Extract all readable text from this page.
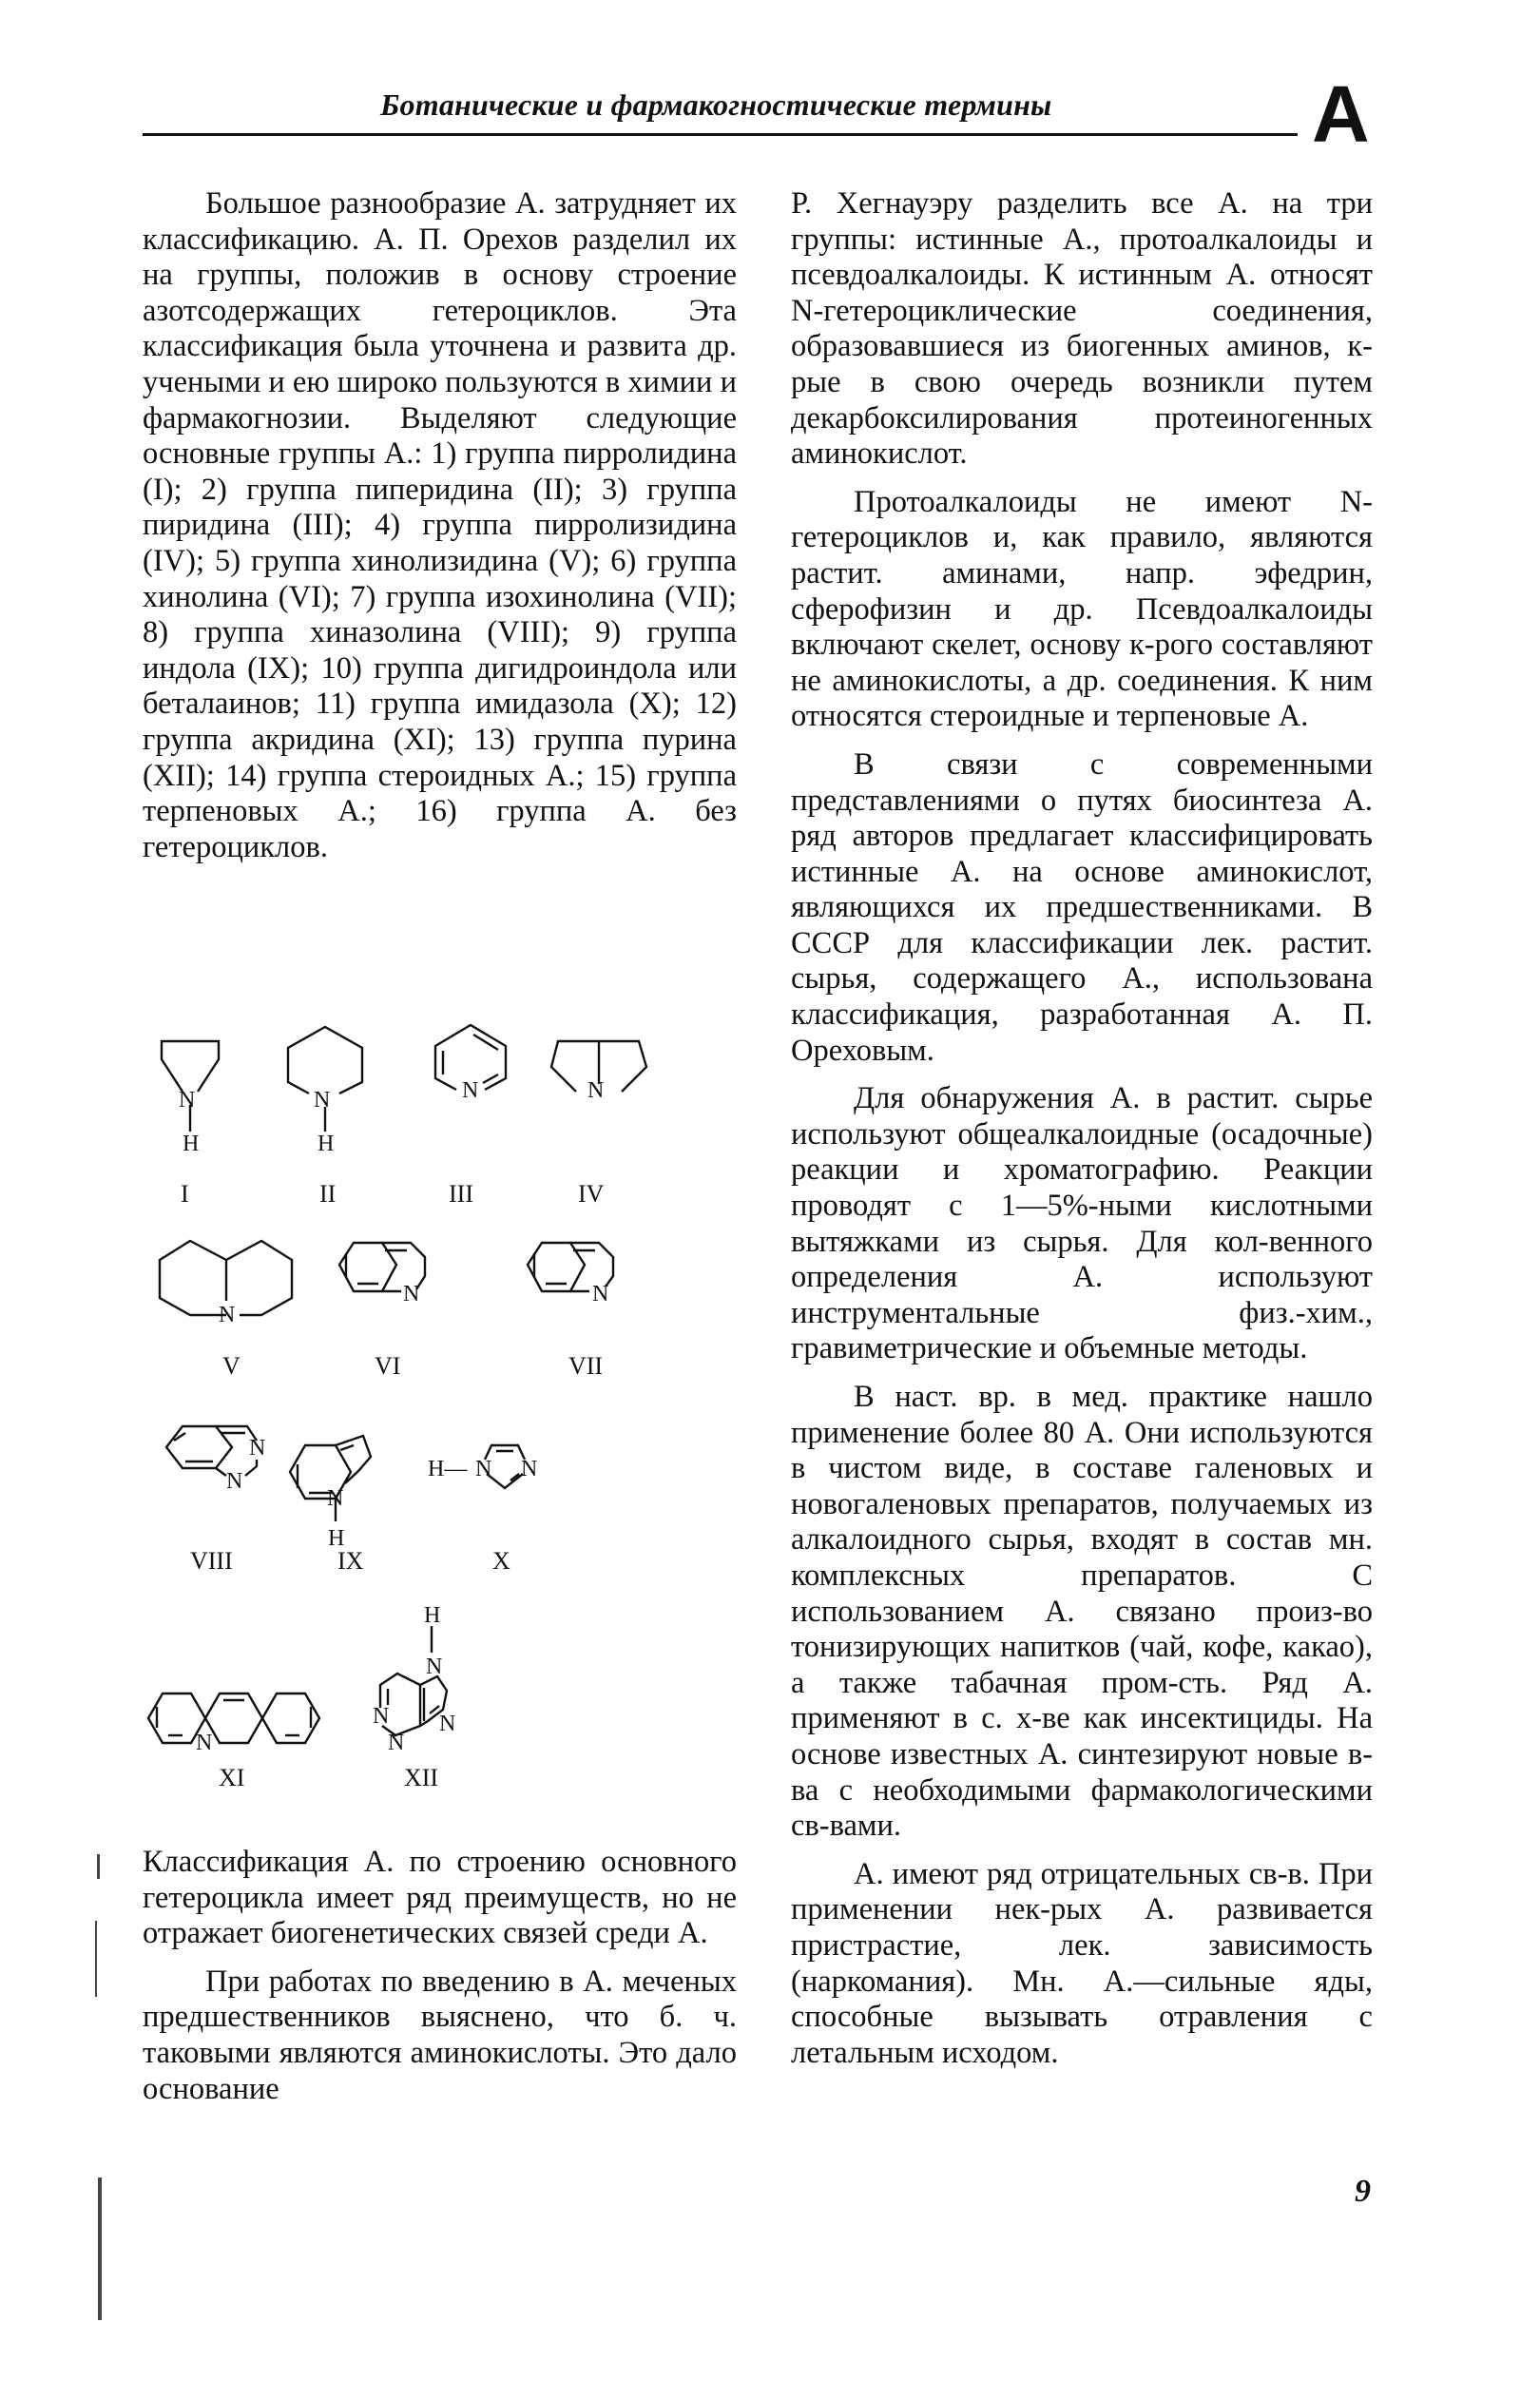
Ботанические и фармакогностические термины	А

Большое разнообразие А. затрудняет их классификацию. А. П. Орехов разделил их на группы, положив в основу строение азотсодержащих гетероциклов. Эта классификация была уточнена и развита др. учеными и ею широко пользуются в химии и фармакогнозии. Выделяют следующие основные группы А.: 1) группа пирролидина (I); 2) группа пиперидина (II); 3) группа пиридина (III); 4) группа пирролизидина (IV); 5) группа хинолизидина (V); 6) группа хинолина (VI); 7) группа изохинолина (VII); 8) группа хиназолина (VIII); 9) группа индола (IX); 10) группа дигидроиндола или беталаинов; 11) группа имидазола (X); 12) группа акридина (XI); 13) группа пурина (XII); 14) группа стероидных А.; 15) группа терпеновых А.; 16) группа А. без гетероциклов.

N
H
N
H
N	N
N
N	N
N
N
N
H
H— N N
N
N
N
H
N
N
I	II	III	IV
V	VI	VII
VIII	IX	X
XI	XII

Классификация А. по строению основного гетероцикла имеет ряд преимуществ, но не отражает биогенетических связей среди А.

При работах по введению в А. меченых предшественников выяснено, что б. ч. таковыми являются аминокислоты. Это дало основание

Р. Хегнауэру разделить все А. на три группы: истинные А., протоалкалоиды и псевдоалкалоиды. К истинным А. относят N-гетероциклические соединения, образовавшиеся из биогенных аминов, к-рые в свою очередь возникли путем декарбоксилирования протеиногенных аминокислот.

Протоалкалоиды не имеют N-гетероциклов и, как правило, являются растит. аминами, напр. эфедрин, сферофизин и др. Псевдоалкалоиды включают скелет, основу к-рого составляют не аминокислоты, а др. соединения. К ним относятся стероидные и терпеновые А.

В связи с современными представлениями о путях биосинтеза А. ряд авторов предлагает классифицировать истинные А. на основе аминокислот, являющихся их предшественниками. В СССР для классификации лек. растит. сырья, содержащего А., использована классификация, разработанная А. П. Ореховым.

Для обнаружения А. в растит. сырье используют общеалкалоидные (осадочные) реакции и хроматографию. Реакции проводят с 1—5%-ными кислотными вытяжками из сырья. Для кол-венного определения А. используют инструментальные физ.-хим., гравиметрические и объемные методы.

В наст. вр. в мед. практике нашло применение более 80 А. Они используются в чистом виде, в составе галеновых и новогаленовых препаратов, получаемых из алкалоидного сырья, входят в состав мн. комплексных препаратов. С использованием А. связано произ-во тонизирующих напитков (чай, кофе, какао), а также табачная пром-сть. Ряд А. применяют в с. х-ве как инсектициды. На основе известных А. синтезируют новые в-ва с необходимыми фармакологическими св-вами.

А. имеют ряд отрицательных св-в. При применении нек-рых А. развивается пристрастие, лек. зависимость (наркомания). Мн. А.—сильные яды, способные вызывать отравления с летальным исходом.

9
